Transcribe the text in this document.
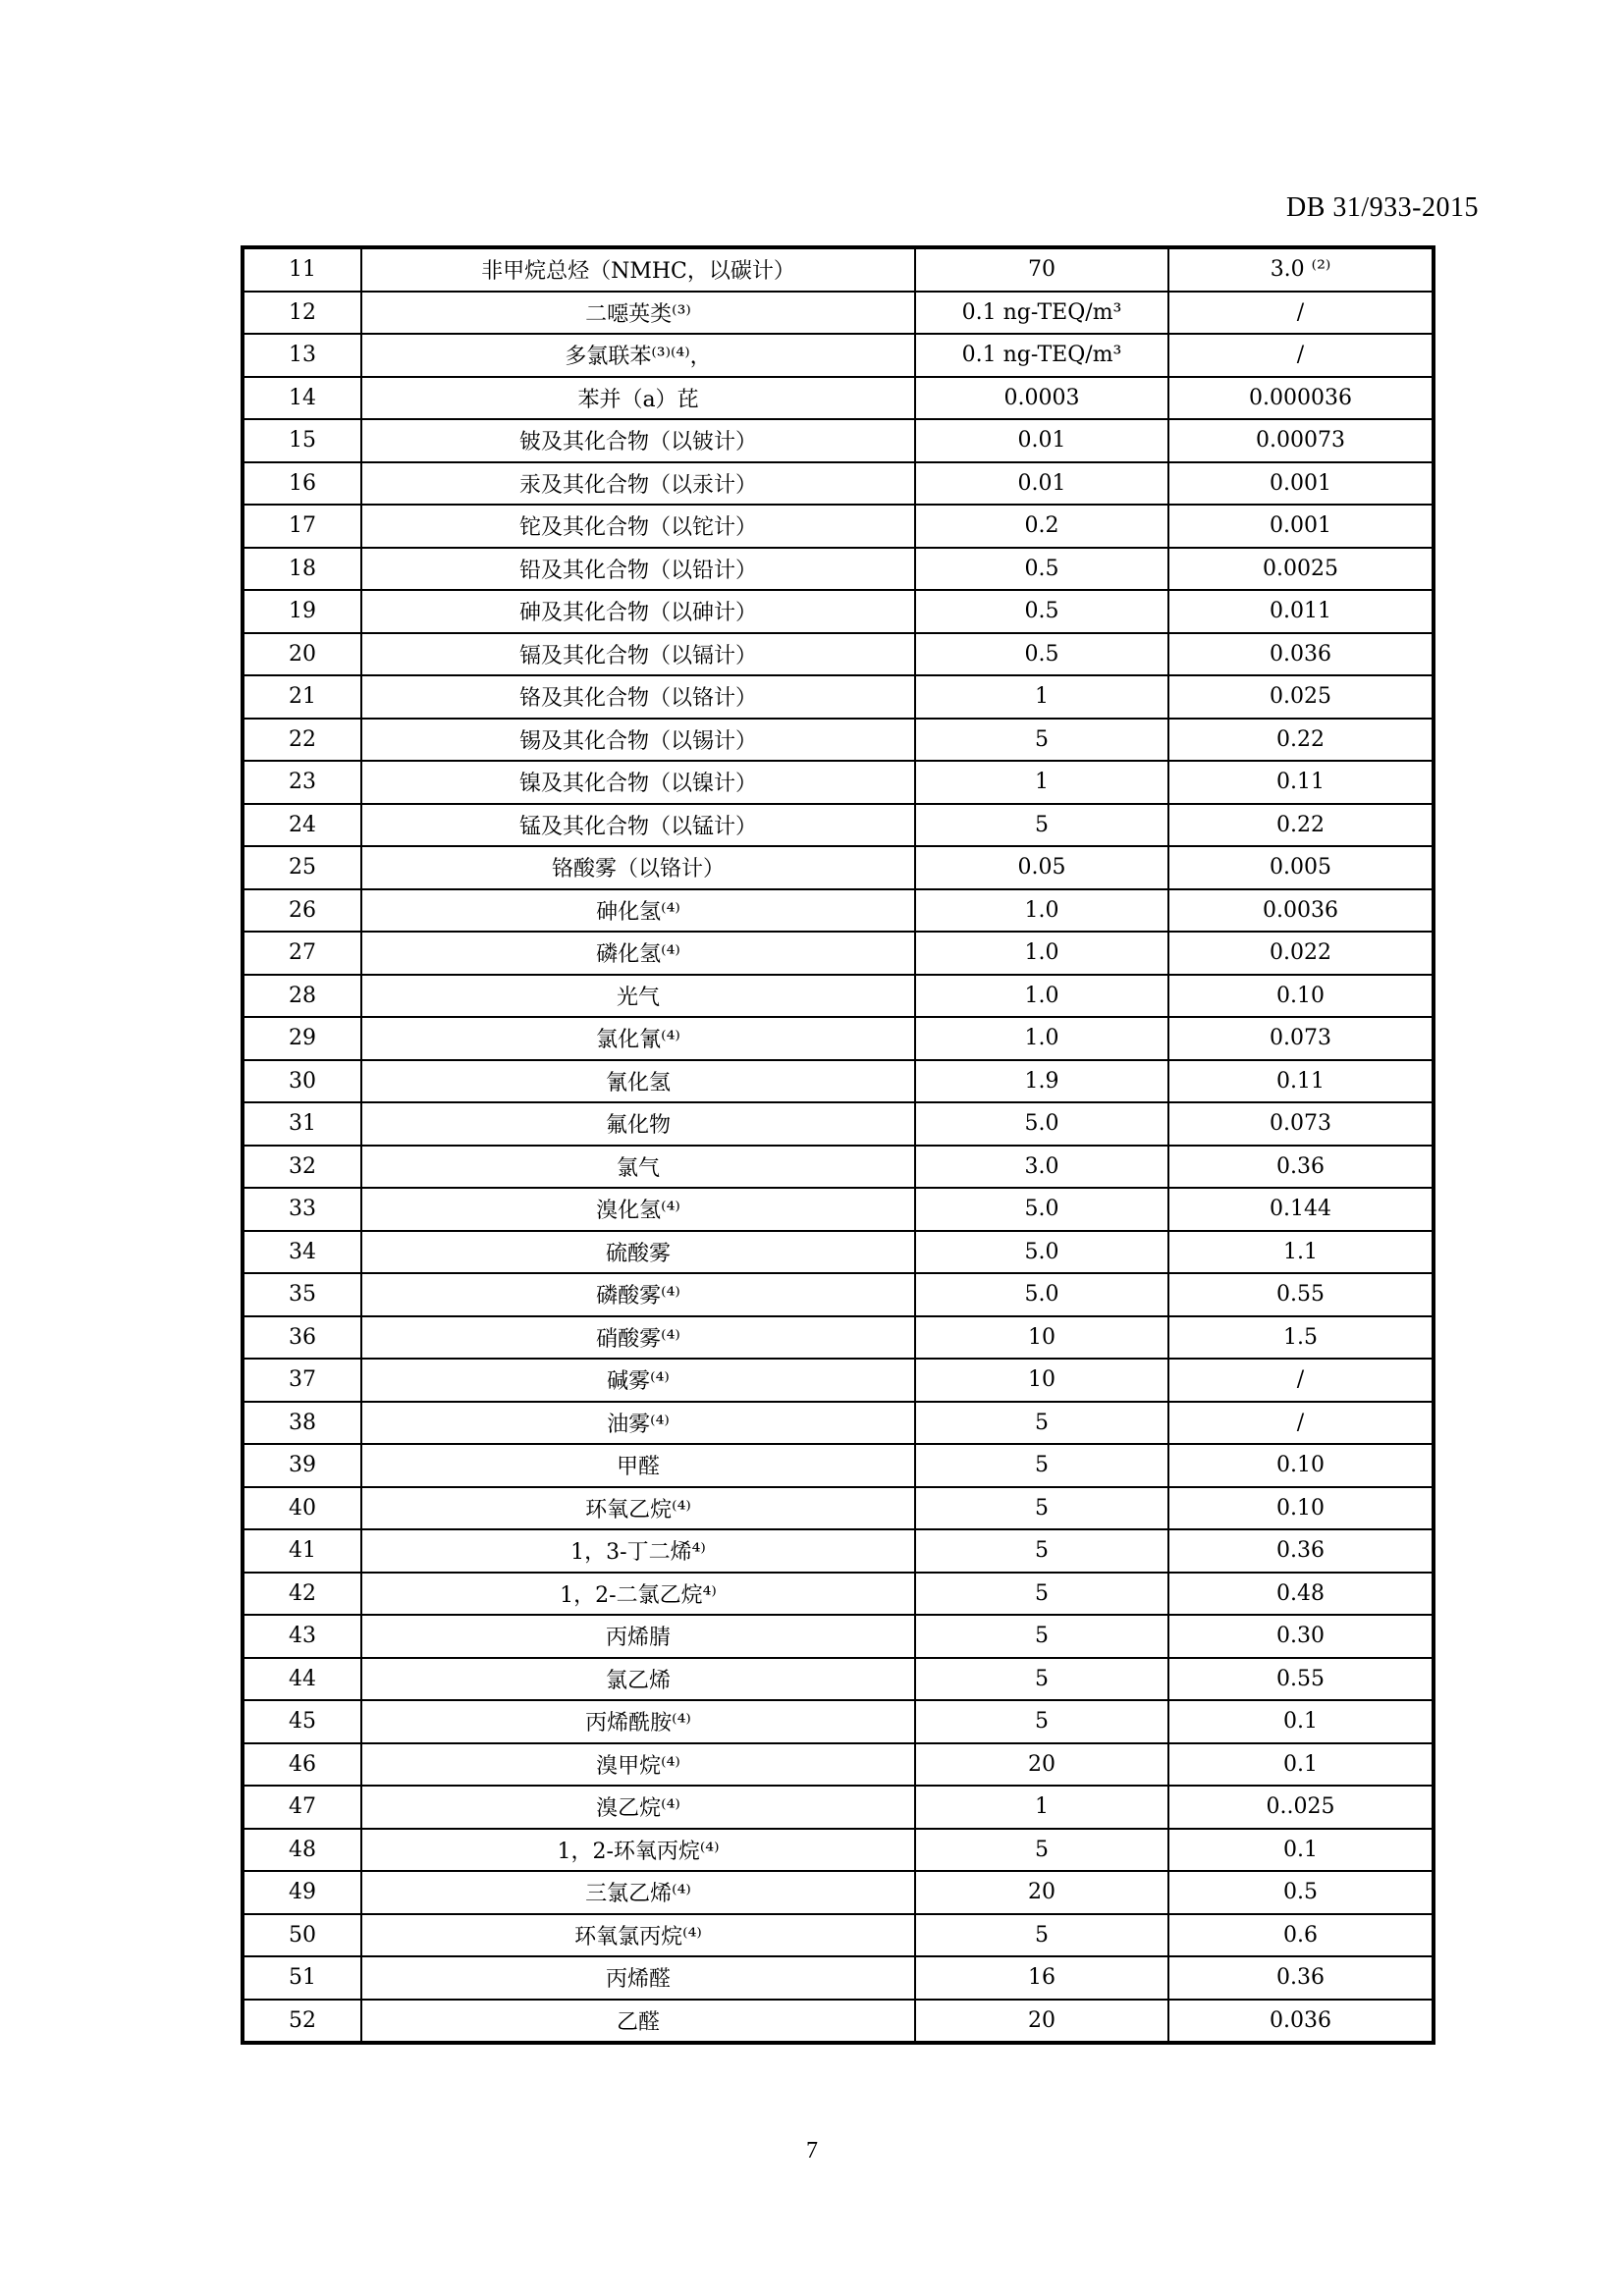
DB 31/933-2015
11	非甲烷总烃（NMHC，以碳计）	70	3.0 ⁽²⁾
12	二噁英类⁽³⁾	0.1 ng-TEQ/m³	/
13	多氯联苯⁽³⁾⁽⁴⁾，	0.1 ng-TEQ/m³	/
14	苯并（a）芘	0.0003	0.000036
15	铍及其化合物（以铍计）	0.01	0.00073
16	汞及其化合物（以汞计）	0.01	0.001
17	铊及其化合物（以铊计）	0.2	0.001
18	铅及其化合物（以铅计）	0.5	0.0025
19	砷及其化合物（以砷计）	0.5	0.011
20	镉及其化合物（以镉计）	0.5	0.036
21	铬及其化合物（以铬计）	1	0.025
22	锡及其化合物（以锡计）	5	0.22
23	镍及其化合物（以镍计）	1	0.11
24	锰及其化合物（以锰计）	5	0.22
25	铬酸雾（以铬计）	0.05	0.005
26	砷化氢⁽⁴⁾	1.0	0.0036
27	磷化氢⁽⁴⁾	1.0	0.022
28	光气	1.0	0.10
29	氯化氰⁽⁴⁾	1.0	0.073
30	氰化氢	1.9	0.11
31	氟化物	5.0	0.073
32	氯气	3.0	0.36
33	溴化氢⁽⁴⁾	5.0	0.144
34	硫酸雾	5.0	1.1
35	磷酸雾⁽⁴⁾	5.0	0.55
36	硝酸雾⁽⁴⁾	10	1.5
37	碱雾⁽⁴⁾	10	/
38	油雾⁽⁴⁾	5	/
39	甲醛	5	0.10
40	环氧乙烷⁽⁴⁾	5	0.10
41	1，3-丁二烯⁴⁾	5	0.36
42	1，2-二氯乙烷⁴⁾	5	0.48
43	丙烯腈	5	0.30
44	氯乙烯	5	0.55
45	丙烯酰胺⁽⁴⁾	5	0.1
46	溴甲烷⁽⁴⁾	20	0.1
47	溴乙烷⁽⁴⁾	1	0..025
48	1，2-环氧丙烷⁽⁴⁾	5	0.1
49	三氯乙烯⁽⁴⁾	20	0.5
50	环氧氯丙烷⁽⁴⁾	5	0.6
51	丙烯醛	16	0.36
52	乙醛	20	0.036
7
